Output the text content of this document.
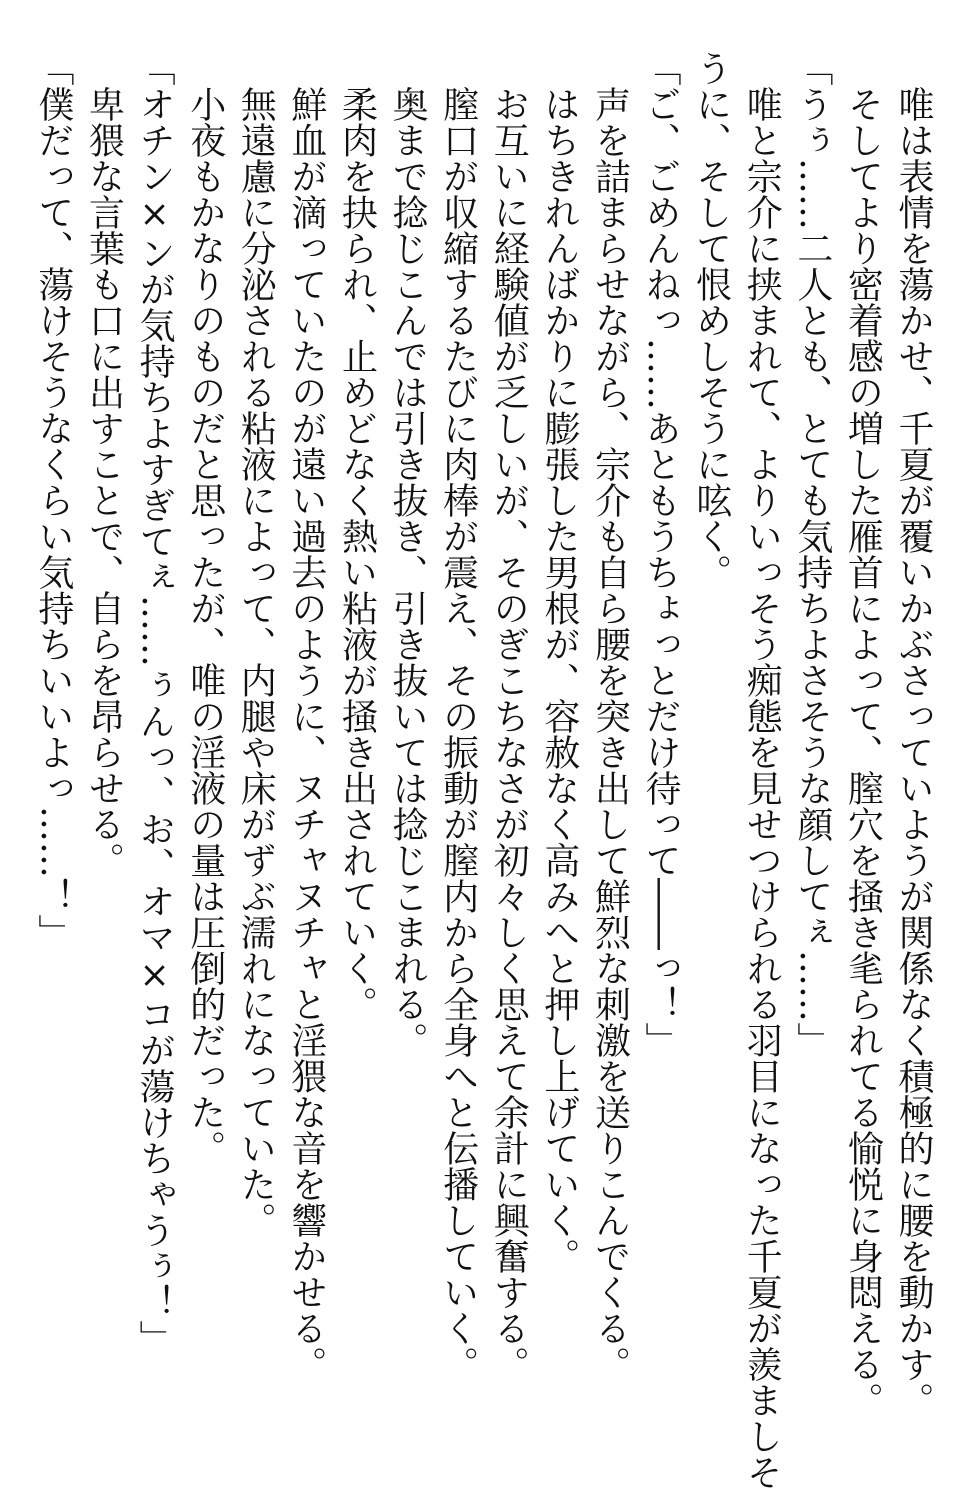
　唯は表情を蕩かせ、千夏が覆いかぶさっていようが関係なく積極的に腰を動かす。

　そしてより密着感の増した雁首によって、膣穴を掻き毟られてる愉悦に身悶える。

「うぅ……二人とも、とても気持ちよさそうな顔してぇ……」

　唯と宗介に挟まれて、よりいっそう痴態を見せつけられる羽目になった千夏が羨ましそ

うに、そして恨めしそうに呟く。

「ご、ごめんねっ……あともうちょっとだけ待って――っ！」

　声を詰まらせながら、宗介も自ら腰を突き出して鮮烈な刺激を送りこんでくる。

　はちきれんばかりに膨張した男根が、容赦なく高みへと押し上げていく。

　お互いに経験値が乏しいが、そのぎこちなさが初々しく思えて余計に興奮する。

　膣口が収縮するたびに肉棒が震え、その振動が膣内から全身へと伝播していく。

　奥まで捻じこんでは引き抜き、引き抜いては捻じこまれる。

　柔肉を抉られ、止めどなく熱い粘液が掻き出されていく。

　鮮血が滴っていたのが遠い過去のように、ヌチャヌチャと淫猥な音を響かせる。

　無遠慮に分泌される粘液によって、内腿や床がずぶ濡れになっていた。

　小夜もかなりのものだと思ったが、唯の淫液の量は圧倒的だった。

「オチン×ンが気持ちよすぎてぇ……ぅんっ、お、オマ×コが蕩けちゃうぅ！」

　卑猥な言葉も口に出すことで、自らを昂らせる。

「僕だって、蕩けそうなくらい気持ちいいよっ……！」
